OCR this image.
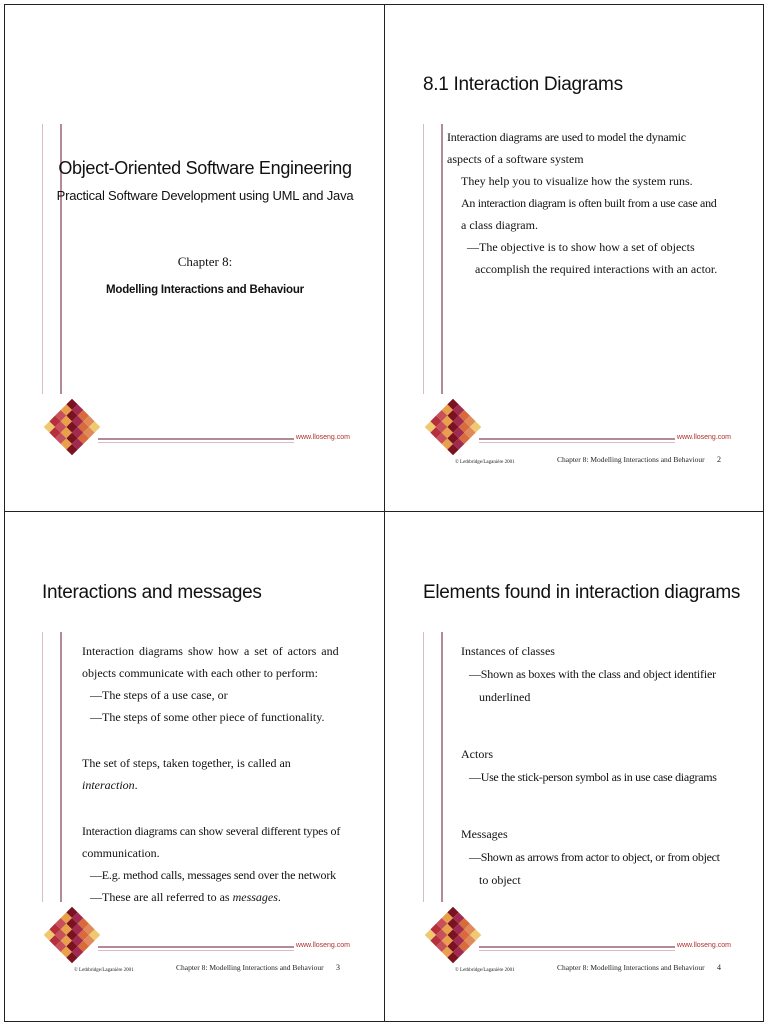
Object-Oriented Software Engineering
Practical Software Development using UML and Java
Chapter 8:
Modelling Interactions and Behaviour
www.lloseng.com
8.1 Interaction Diagrams

Interaction diagrams are used to model the dynamic

aspects of a software system

They help you to visualize how the system runs.

An interaction diagram is often built from a use case and

a class diagram.

—The objective is to show how a set of objects

accomplish the required interactions with an actor.

www.lloseng.com
© Lethbridge/Laganière 2001	Chapter 8: Modelling Interactions and Behaviour 2
Interactions and messages

Interaction diagrams show how a set of actors and

objects communicate with each other to perform:

—The steps of a use case, or

—The steps of some other piece of functionality.

The set of steps, taken together, is called an interaction.

Interaction diagrams can show several different types of

communication.

—E.g. method calls, messages send over the network

—These are all referred to as messages.

www.lloseng.com
© Lethbridge/Laganière 2001	Chapter 8: Modelling Interactions and Behaviour 3
Elements found in interaction diagrams

Instances of classes

—Shown as boxes with the class and object identifier

underlined

Actors

—Use the stick-person symbol as in use case diagrams

Messages

—Shown as arrows from actor to object, or from object

to object

www.lloseng.com
© Lethbridge/Laganière 2001	Chapter 8: Modelling Interactions and Behaviour 4
